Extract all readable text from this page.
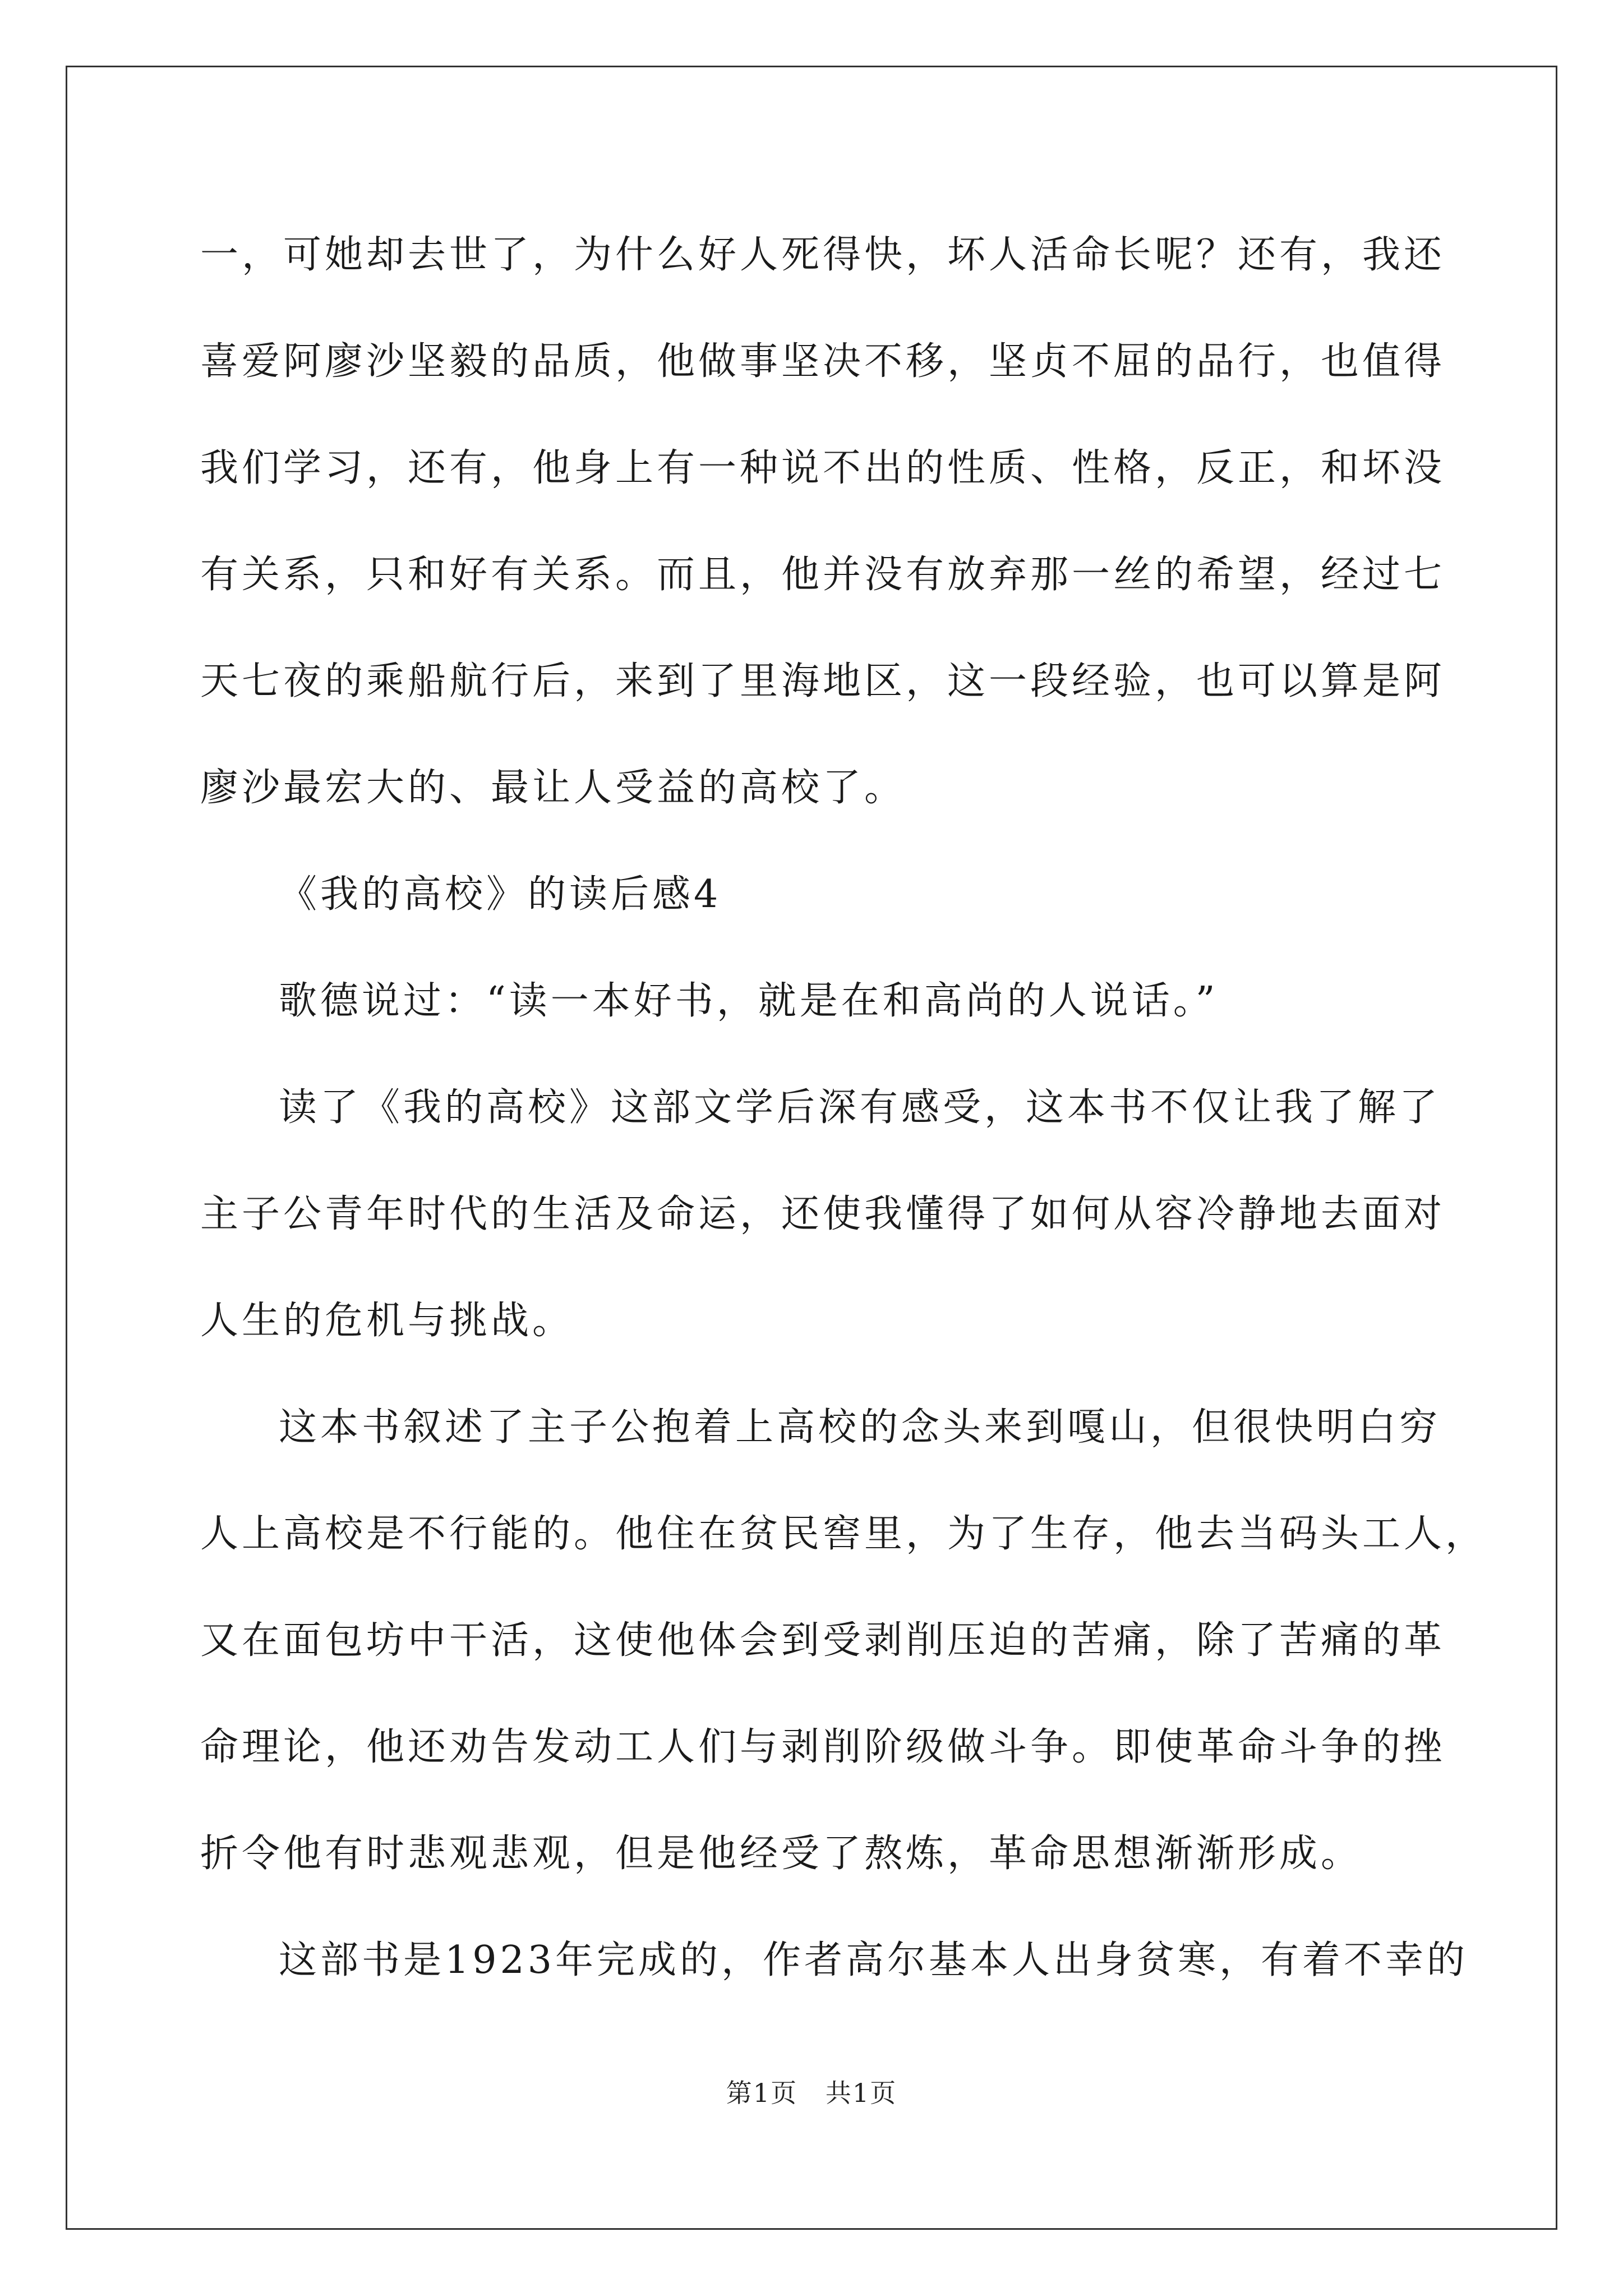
一，可她却去世了，为什么好人死得快，坏人活命长呢？还有，我还
喜爱阿廖沙坚毅的品质，他做事坚决不移，坚贞不屈的品行，也值得
我们学习，还有，他身上有一种说不出的性质、性格，反正，和坏没
有关系，只和好有关系。而且，他并没有放弃那一丝的希望，经过七
天七夜的乘船航行后，来到了里海地区，这一段经验，也可以算是阿
廖沙最宏大的、最让人受益的高校了。
《我的高校》的读后感4
歌德说过：“读一本好书，就是在和高尚的人说话。”
读了《我的高校》这部文学后深有感受，这本书不仅让我了解了
主子公青年时代的生活及命运，还使我懂得了如何从容冷静地去面对
人生的危机与挑战。
这本书叙述了主子公抱着上高校的念头来到嘎山，但很快明白穷
人上高校是不行能的。他住在贫民窖里，为了生存，他去当码头工人，
又在面包坊中干活，这使他体会到受剥削压迫的苦痛，除了苦痛的革
命理论，他还劝告发动工人们与剥削阶级做斗争。即使革命斗争的挫
折令他有时悲观悲观，但是他经受了熬炼，革命思想渐渐形成。
这部书是1923年完成的，作者高尔基本人出身贫寒，有着不幸的
第1页   共1页
